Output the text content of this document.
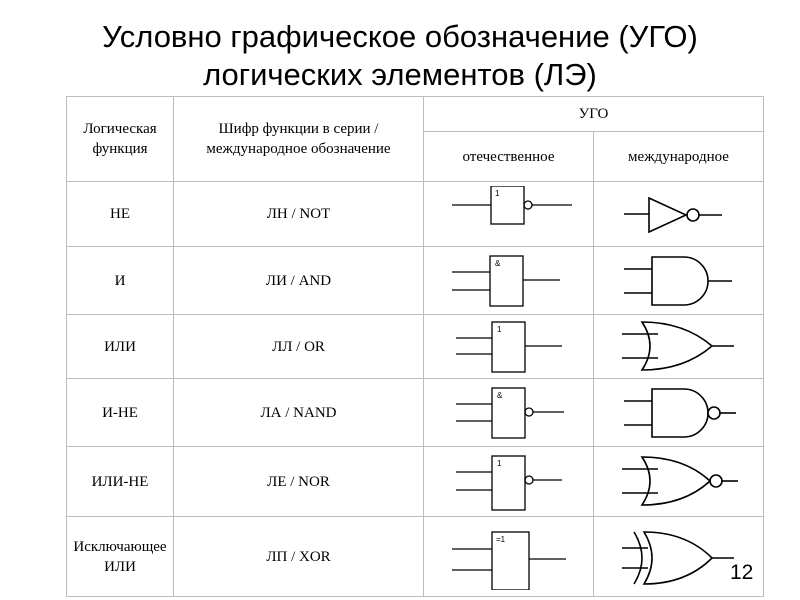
Условно графическое обозначение (УГО)
логических элементов (ЛЭ)
Логическая функция	Шифр функции в серии / международное обозначение	УГО	
		отечественное	международное
НЕ	ЛН / NOT	1

И	ЛИ / AND	&

ИЛИ	ЛЛ / OR	1

И-НЕ	ЛА / NAND	&

ИЛИ-НЕ	ЛЕ / NOR	1

Исключающее ИЛИ	ЛП / XOR	=1

12
